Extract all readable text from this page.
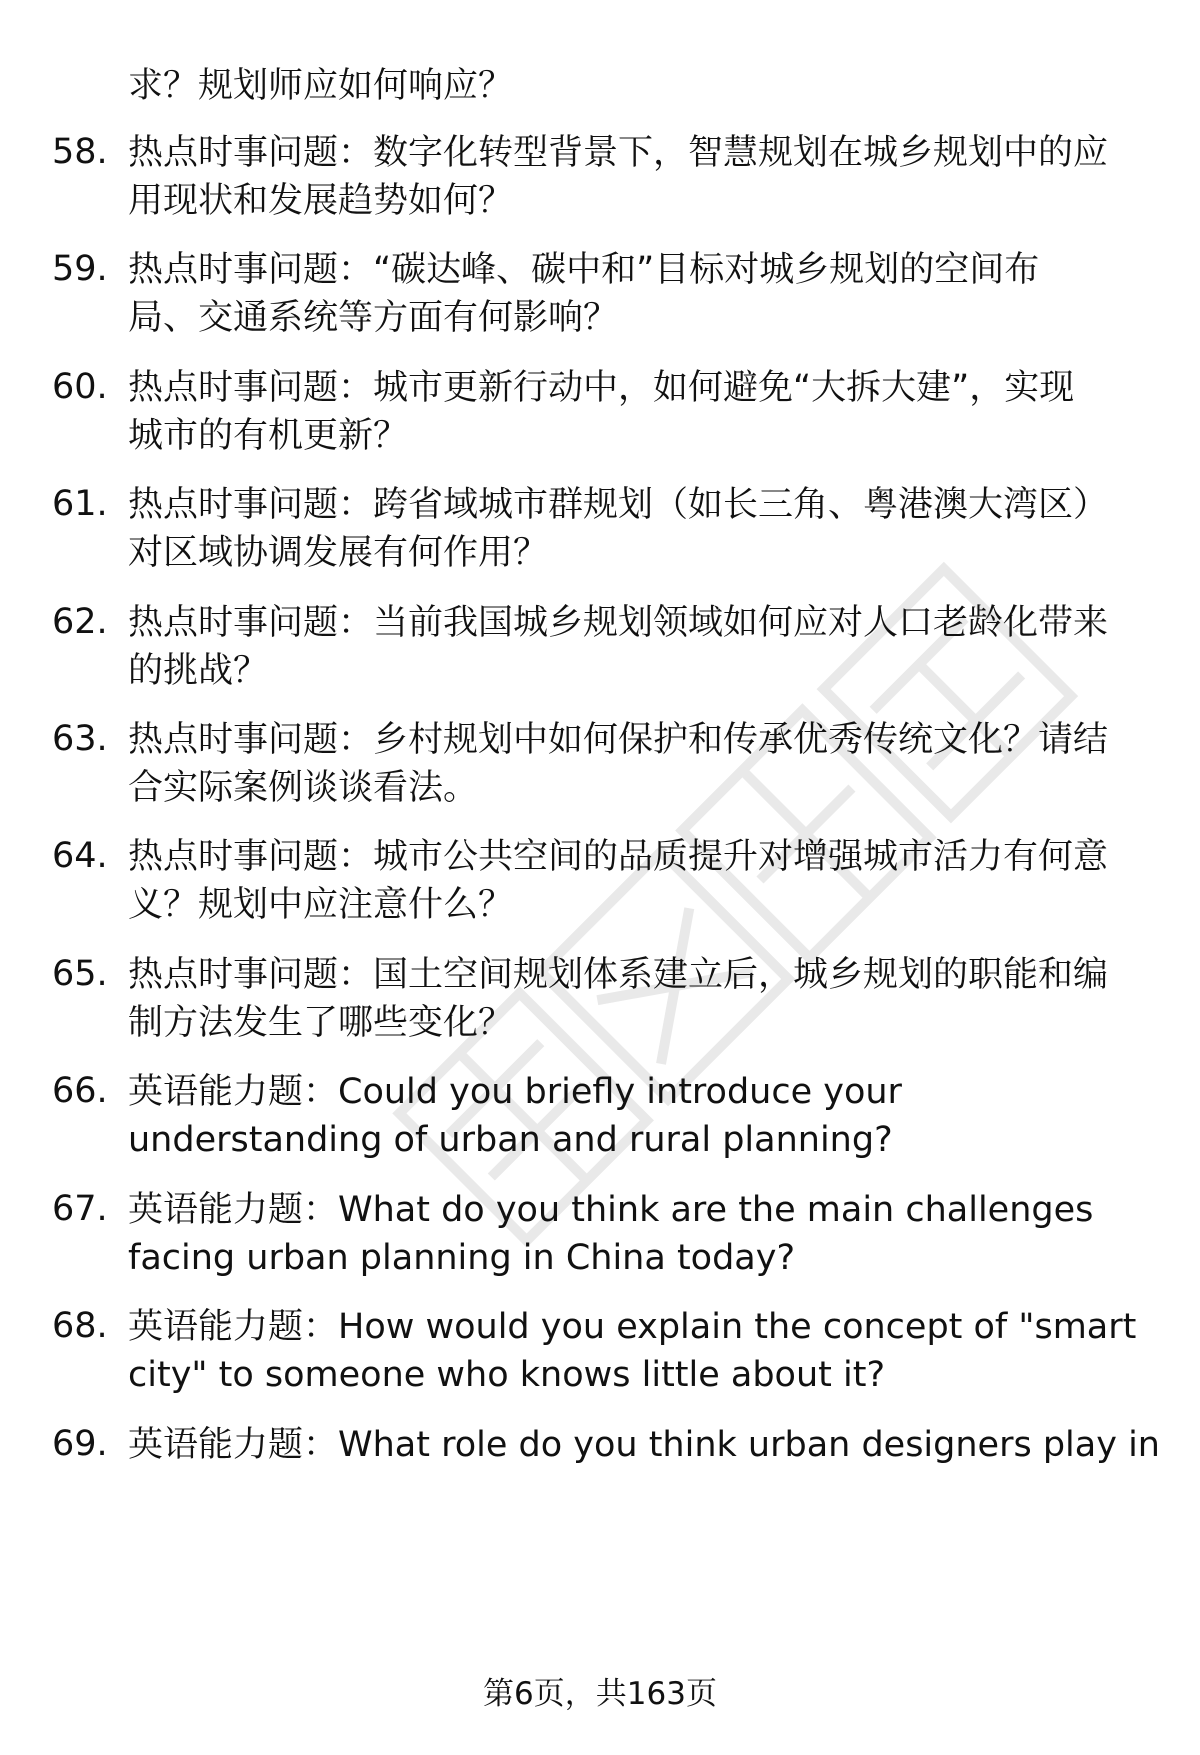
求？规划师应如何响应？
58. 热点时事问题：数字化转型背景下，智慧规划在城乡规划中的应
用现状和发展趋势如何？
59. 热点时事问题：“碳达峰、碳中和”目标对城乡规划的空间布
局、交通系统等方面有何影响？
60. 热点时事问题：城市更新行动中，如何避免“大拆大建”，实现
城市的有机更新？
61. 热点时事问题：跨省域城市群规划（如长三角、粤港澳大湾区）
对区域协调发展有何作用？
62. 热点时事问题：当前我国城乡规划领域如何应对人口老龄化带来
的挑战？
63. 热点时事问题：乡村规划中如何保护和传承优秀传统文化？请结
合实际案例谈谈看法。
64. 热点时事问题：城市公共空间的品质提升对增强城市活力有何意
义？规划中应注意什么？
65. 热点时事问题：国土空间规划体系建立后，城乡规划的职能和编
制方法发生了哪些变化？
66. 英语能力题：Could you briefly introduce your
understanding of urban and rural planning?
67. 英语能力题：What do you think are the main challenges
facing urban planning in China today?
68. 英语能力题：How would you explain the concept of "smart
city" to someone who knows little about it?
69. 英语能力题：What role do you think urban designers play in
第6页，共163页
